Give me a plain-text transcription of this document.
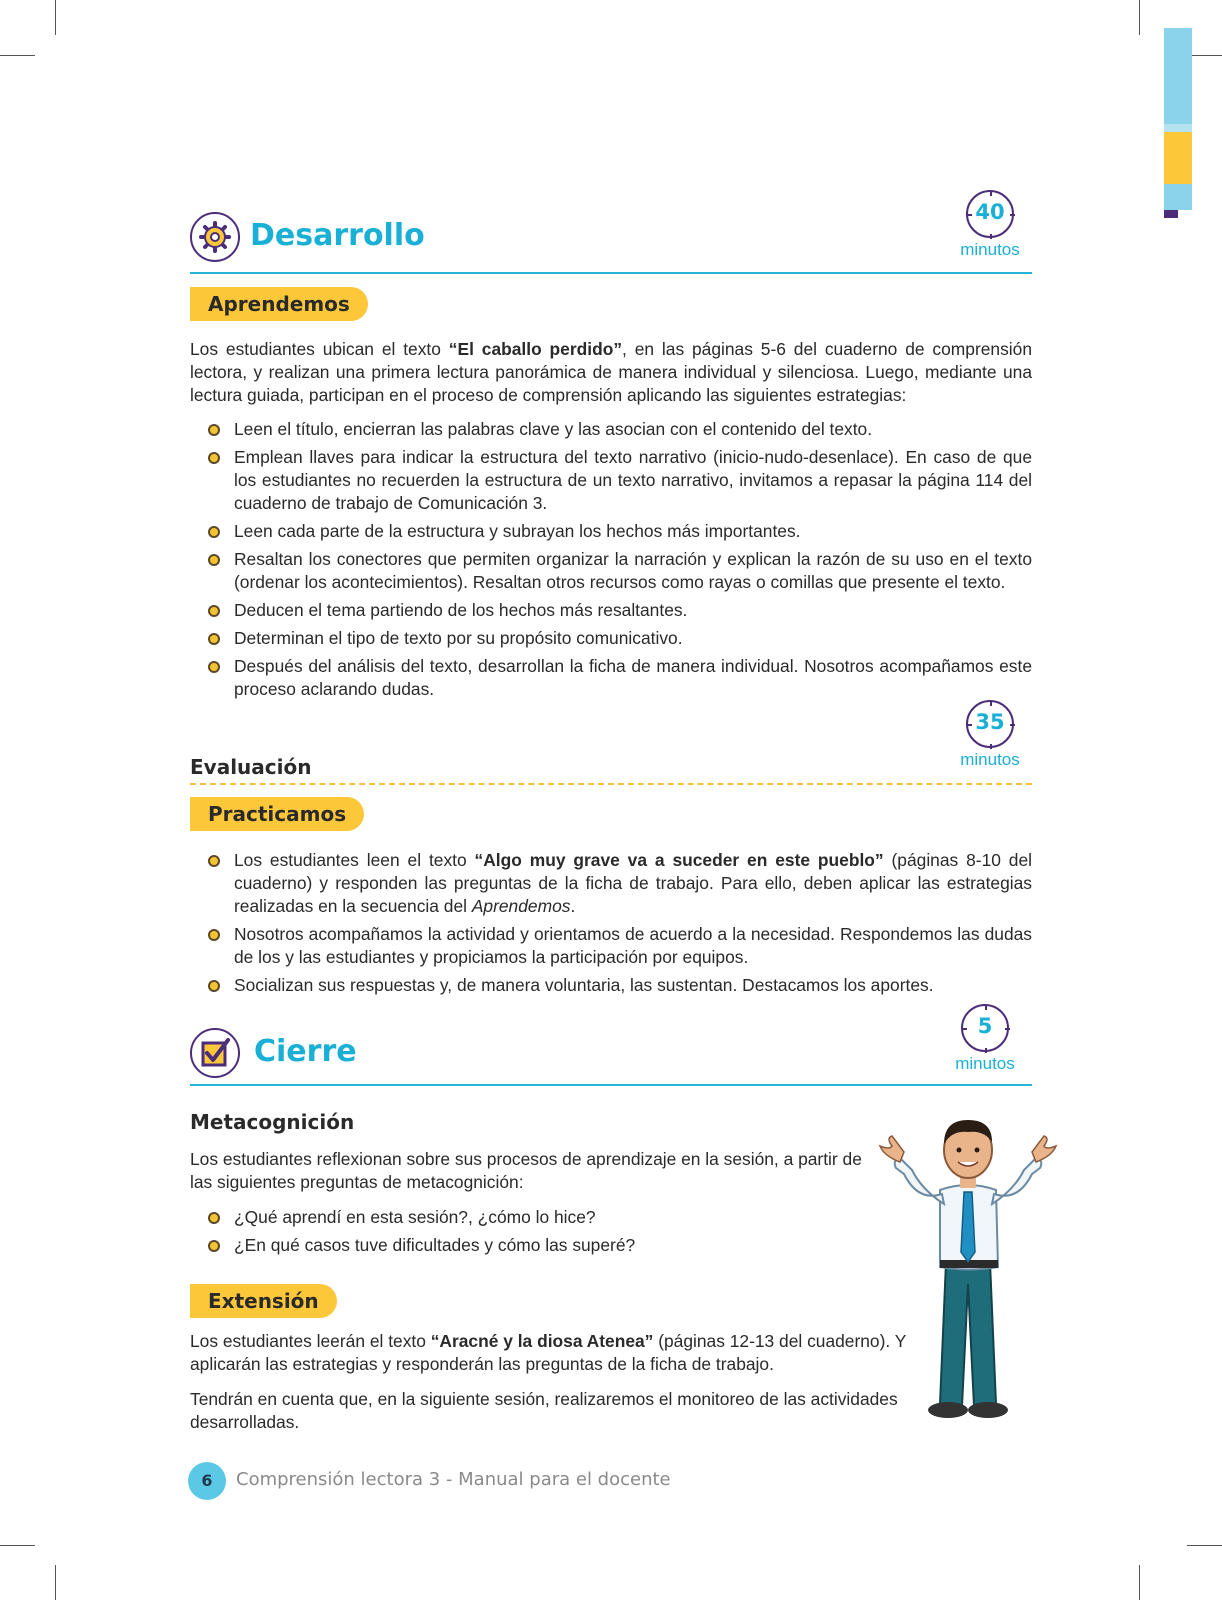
Desarrollo
40
minutos
Aprendemos
Los estudiantes ubican el texto “El caballo perdido”, en las páginas 5-6 del cuaderno de comprensión lectora, y realizan una primera lectura panorámica de manera individual y silenciosa. Luego, mediante una lectura guiada, participan en el proceso de comprensión aplicando las siguientes estrategias:
Leen el título, encierran las palabras clave y las asocian con el contenido del texto.
Emplean llaves para indicar la estructura del texto narrativo (inicio-nudo-desenlace). En caso de que los estudiantes no recuerden la estructura de un texto narrativo, invitamos a repasar la página 114 del cuaderno de trabajo de Comunicación 3.
Leen cada parte de la estructura y subrayan los hechos más importantes.
Resaltan los conectores que permiten organizar la narración y explican la razón de su uso en el texto (ordenar los acontecimientos). Resaltan otros recursos como rayas o comillas que presente el texto.
Deducen el tema partiendo de los hechos más resaltantes.
Determinan el tipo de texto por su propósito comunicativo.
Después del análisis del texto, desarrollan la ficha de manera individual. Nosotros acompañamos este proceso aclarando dudas.
35
minutos
Evaluación
Practicamos
Los estudiantes leen el texto “Algo muy grave va a suceder en este pueblo” (páginas 8-10 del cuaderno) y responden las preguntas de la ficha de trabajo. Para ello, deben aplicar las estrategias realizadas en la secuencia del Aprendemos.
Nosotros acompañamos la actividad y orientamos de acuerdo a la necesidad. Respondemos las dudas de los y las estudiantes y propiciamos la participación por equipos.
Socializan sus respuestas y, de manera voluntaria, las sustentan. Destacamos los aportes.
Cierre
5
minutos
Metacognición
Los estudiantes reflexionan sobre sus procesos de aprendizaje en la sesión, a partir de las siguientes preguntas de metacognición:
¿Qué aprendí en esta sesión?, ¿cómo lo hice?
¿En qué casos tuve dificultades y cómo las superé?
Extensión
Los estudiantes leerán el texto “Aracné y la diosa Atenea” (páginas 12-13 del cuaderno). Y aplicarán las estrategias y responderán las preguntas de la ficha de trabajo.
Tendrán en cuenta que, en la siguiente sesión, realizaremos el monitoreo de las actividades desarrolladas.
6	Comprensión lectora 3 - Manual para el docente
